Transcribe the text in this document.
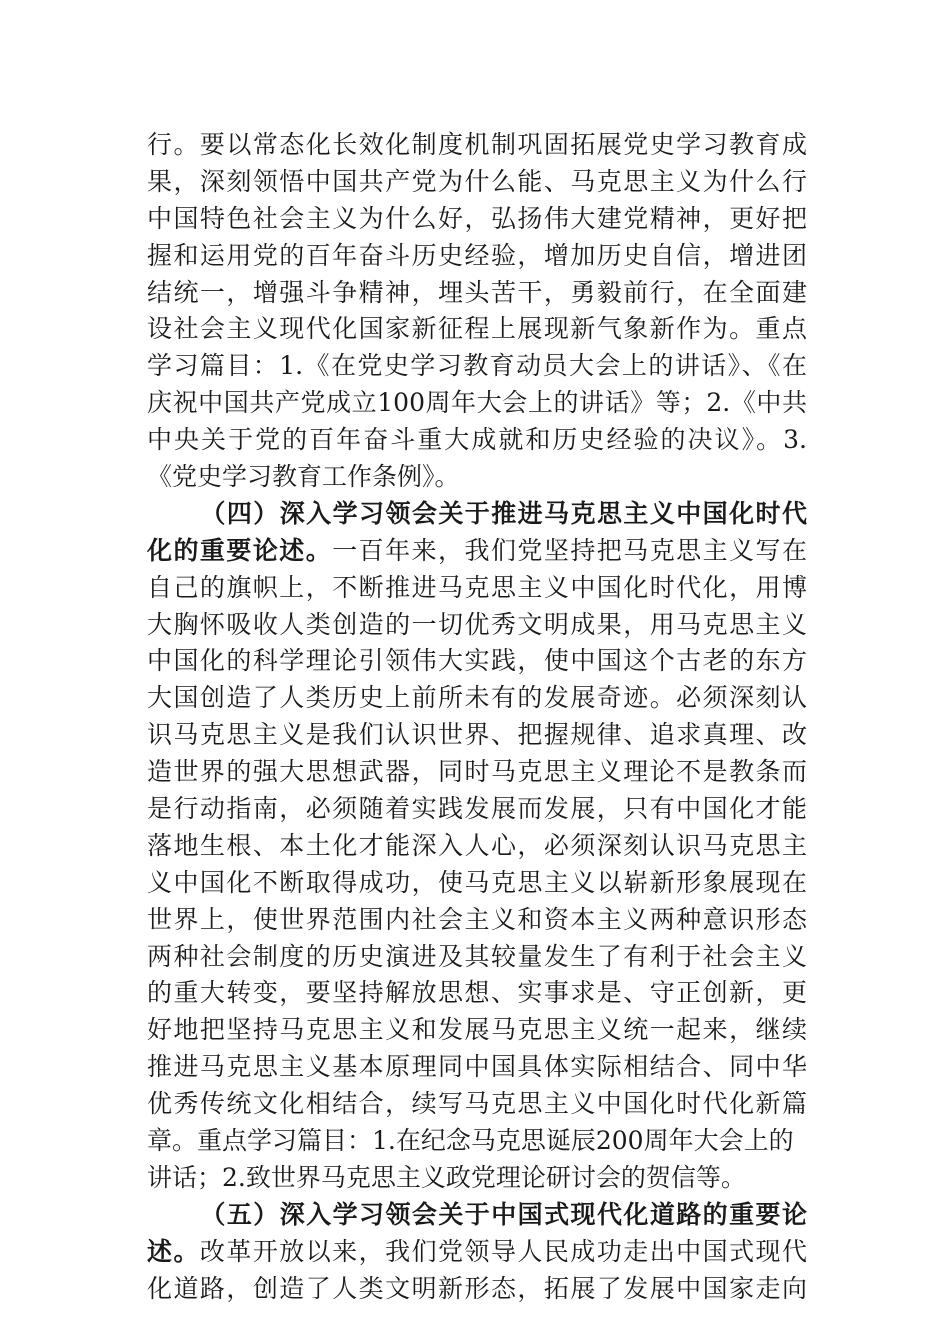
行。要以常态化长效化制度机制巩固拓展党史学习教育成
果，深刻领悟中国共产党为什么能、马克思主义为什么行
中国特色社会主义为什么好，弘扬伟大建党精神，更好把
握和运用党的百年奋斗历史经验，增加历史自信，增进团
结统一，增强斗争精神，埋头苦干，勇毅前行，在全面建
设社会主义现代化国家新征程上展现新气象新作为。重点
学习篇目：1.《在党史学习教育动员大会上的讲话》、《在
庆祝中国共产党成立100周年大会上的讲话》等；2.《中共
中央关于党的百年奋斗重大成就和历史经验的决议》。3.
《党史学习教育工作条例》。
（四）深入学习领会关于推进马克思主义中国化时代
化的重要论述。一百年来，我们党坚持把马克思主义写在
自己的旗帜上，不断推进马克思主义中国化时代化，用博
大胸怀吸收人类创造的一切优秀文明成果，用马克思主义
中国化的科学理论引领伟大实践，使中国这个古老的东方
大国创造了人类历史上前所未有的发展奇迹。必须深刻认
识马克思主义是我们认识世界、把握规律、追求真理、改
造世界的强大思想武器，同时马克思主义理论不是教条而
是行动指南，必须随着实践发展而发展，只有中国化才能
落地生根、本土化才能深入人心，必须深刻认识马克思主
义中国化不断取得成功，使马克思主义以崭新形象展现在
世界上，使世界范围内社会主义和资本主义两种意识形态
两种社会制度的历史演进及其较量发生了有利于社会主义
的重大转变，要坚持解放思想、实事求是、守正创新，更
好地把坚持马克思主义和发展马克思主义统一起来，继续
推进马克思主义基本原理同中国具体实际相结合、同中华
优秀传统文化相结合，续写马克思主义中国化时代化新篇
章。重点学习篇目：1.在纪念马克思诞辰200周年大会上的
讲话；2.致世界马克思主义政党理论研讨会的贺信等。
（五）深入学习领会关于中国式现代化道路的重要论
述。改革开放以来，我们党领导人民成功走出中国式现代
化道路，创造了人类文明新形态，拓展了发展中国家走向
